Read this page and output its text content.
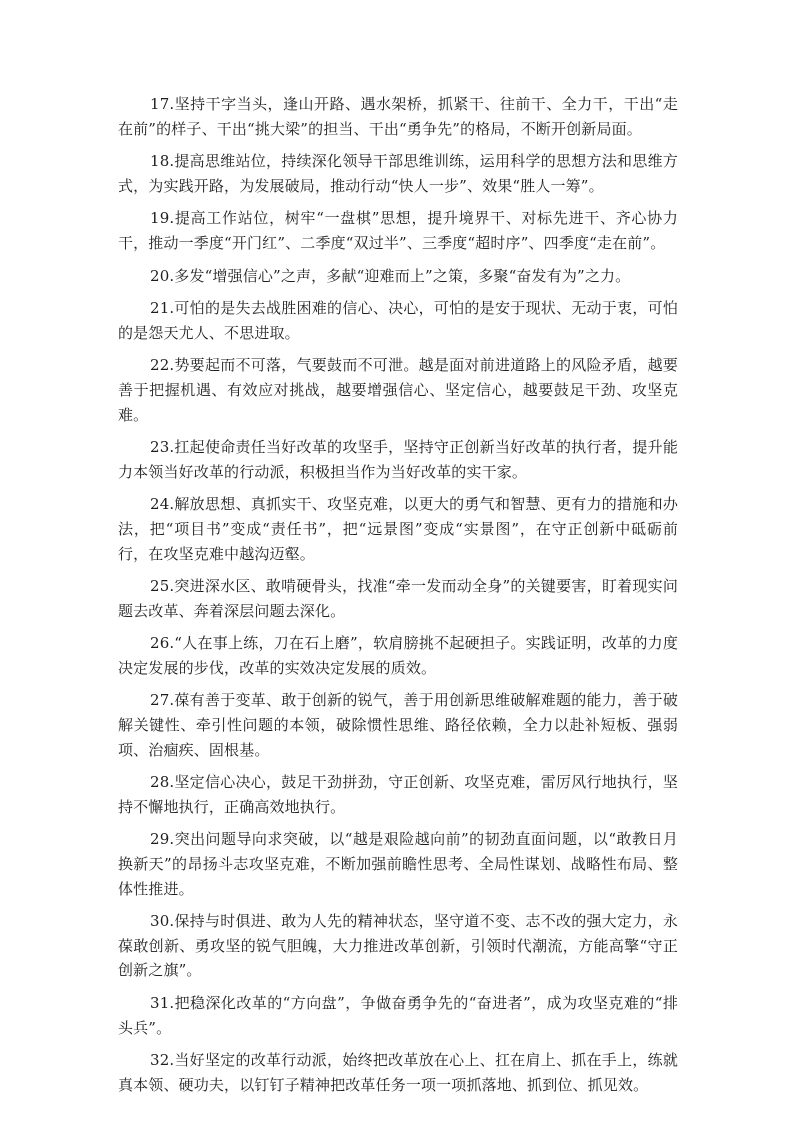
17.坚持干字当头，逢山开路、遇水架桥，抓紧干、往前干、全力干，干出“走在前”的样子、干出“挑大梁”的担当、干出“勇争先”的格局，不断开创新局面。

18.提高思维站位，持续深化领导干部思维训练，运用科学的思想方法和思维方式，为实践开路，为发展破局，推动行动“快人一步”、效果“胜人一筹”。

19.提高工作站位，树牢“一盘棋”思想，提升境界干、对标先进干、齐心协力干，推动一季度“开门红”、二季度“双过半”、三季度“超时序”、四季度“走在前”。

20.多发“增强信心”之声，多献“迎难而上”之策，多聚“奋发有为”之力。

21.可怕的是失去战胜困难的信心、决心，可怕的是安于现状、无动于衷，可怕的是怨天尤人、不思进取。

22.势要起而不可落，气要鼓而不可泄。越是面对前进道路上的风险矛盾，越要善于把握机遇、有效应对挑战，越要增强信心、坚定信心，越要鼓足干劲、攻坚克难。

23.扛起使命责任当好改革的攻坚手，坚持守正创新当好改革的执行者，提升能力本领当好改革的行动派，积极担当作为当好改革的实干家。

24.解放思想、真抓实干、攻坚克难，以更大的勇气和智慧、更有力的措施和办法，把“项目书”变成“责任书”，把“远景图”变成“实景图”，在守正创新中砥砺前行，在攻坚克难中越沟迈壑。

25.突进深水区、敢啃硬骨头，找准“牵一发而动全身”的关键要害，盯着现实问题去改革、奔着深层问题去深化。

26.“人在事上练，刀在石上磨”，软肩膀挑不起硬担子。实践证明，改革的力度决定发展的步伐，改革的实效决定发展的质效。

27.葆有善于变革、敢于创新的锐气，善于用创新思维破解难题的能力，善于破解关键性、牵引性问题的本领，破除惯性思维、路径依赖，全力以赴补短板、强弱项、治痼疾、固根基。

28.坚定信心决心，鼓足干劲拼劲，守正创新、攻坚克难，雷厉风行地执行，坚持不懈地执行，正确高效地执行。

29.突出问题导向求突破，以“越是艰险越向前”的韧劲直面问题，以“敢教日月换新天”的昂扬斗志攻坚克难，不断加强前瞻性思考、全局性谋划、战略性布局、整体性推进。

30.保持与时俱进、敢为人先的精神状态，坚守道不变、志不改的强大定力，永葆敢创新、勇攻坚的锐气胆魄，大力推进改革创新，引领时代潮流，方能高擎“守正创新之旗”。

31.把稳深化改革的“方向盘”，争做奋勇争先的“奋进者”，成为攻坚克难的“排头兵”。

32.当好坚定的改革行动派，始终把改革放在心上、扛在肩上、抓在手上，练就真本领、硬功夫，以钉钉子精神把改革任务一项一项抓落地、抓到位、抓见效。
